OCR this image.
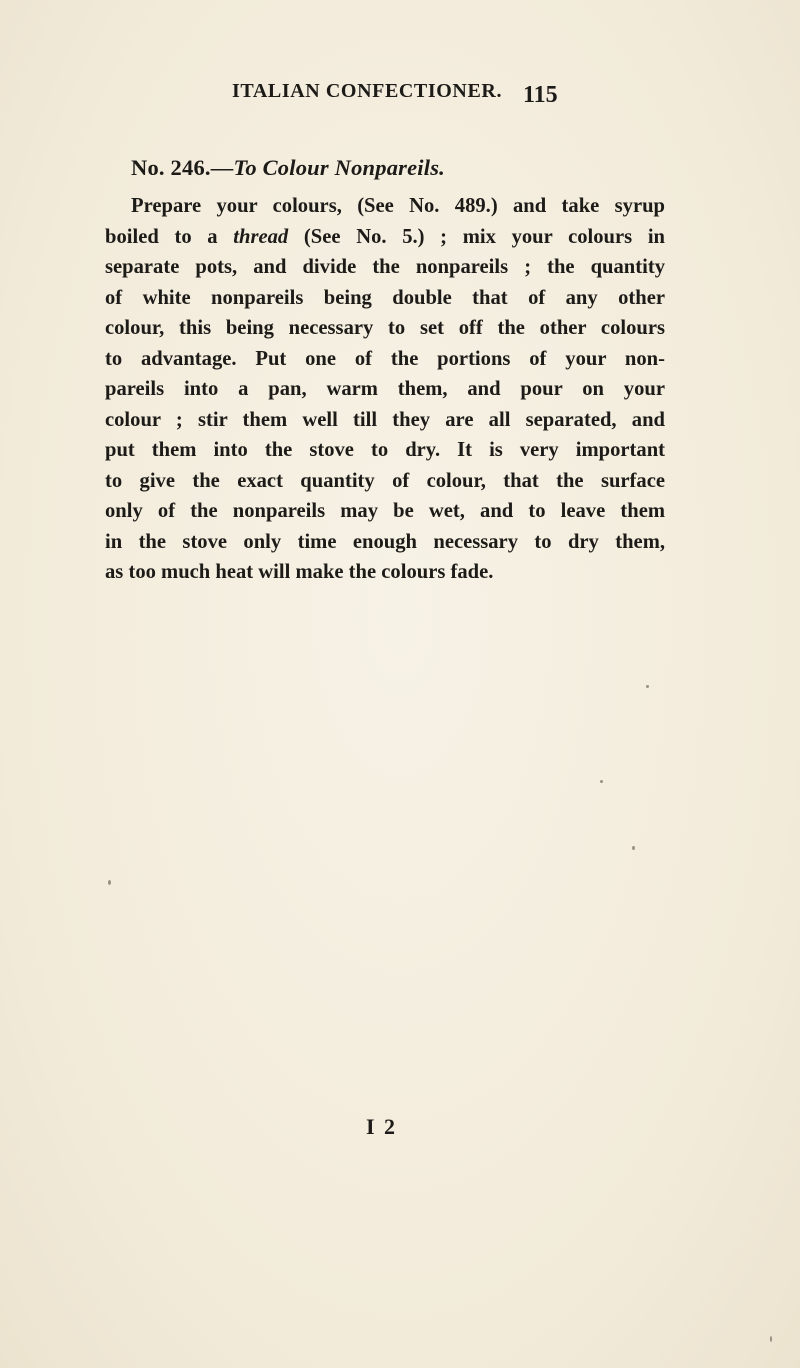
ITALIAN CONFECTIONER. 115
No. 246.—To Colour Nonpareils.
Prepare your colours, (See No. 489.) and take syrup
boiled to a thread (See No. 5.) ; mix your colours in
separate pots, and divide the nonpareils ; the quantity
of white nonpareils being double that of any other
colour, this being necessary to set off the other colours
to advantage. Put one of the portions of your non-
pareils into a pan, warm them, and pour on your
colour ; stir them well till they are all separated, and
put them into the stove to dry. It is very important
to give the exact quantity of colour, that the surface
only of the nonpareils may be wet, and to leave them
in the stove only time enough necessary to dry them,
as too much heat will make the colours fade.
I 2
